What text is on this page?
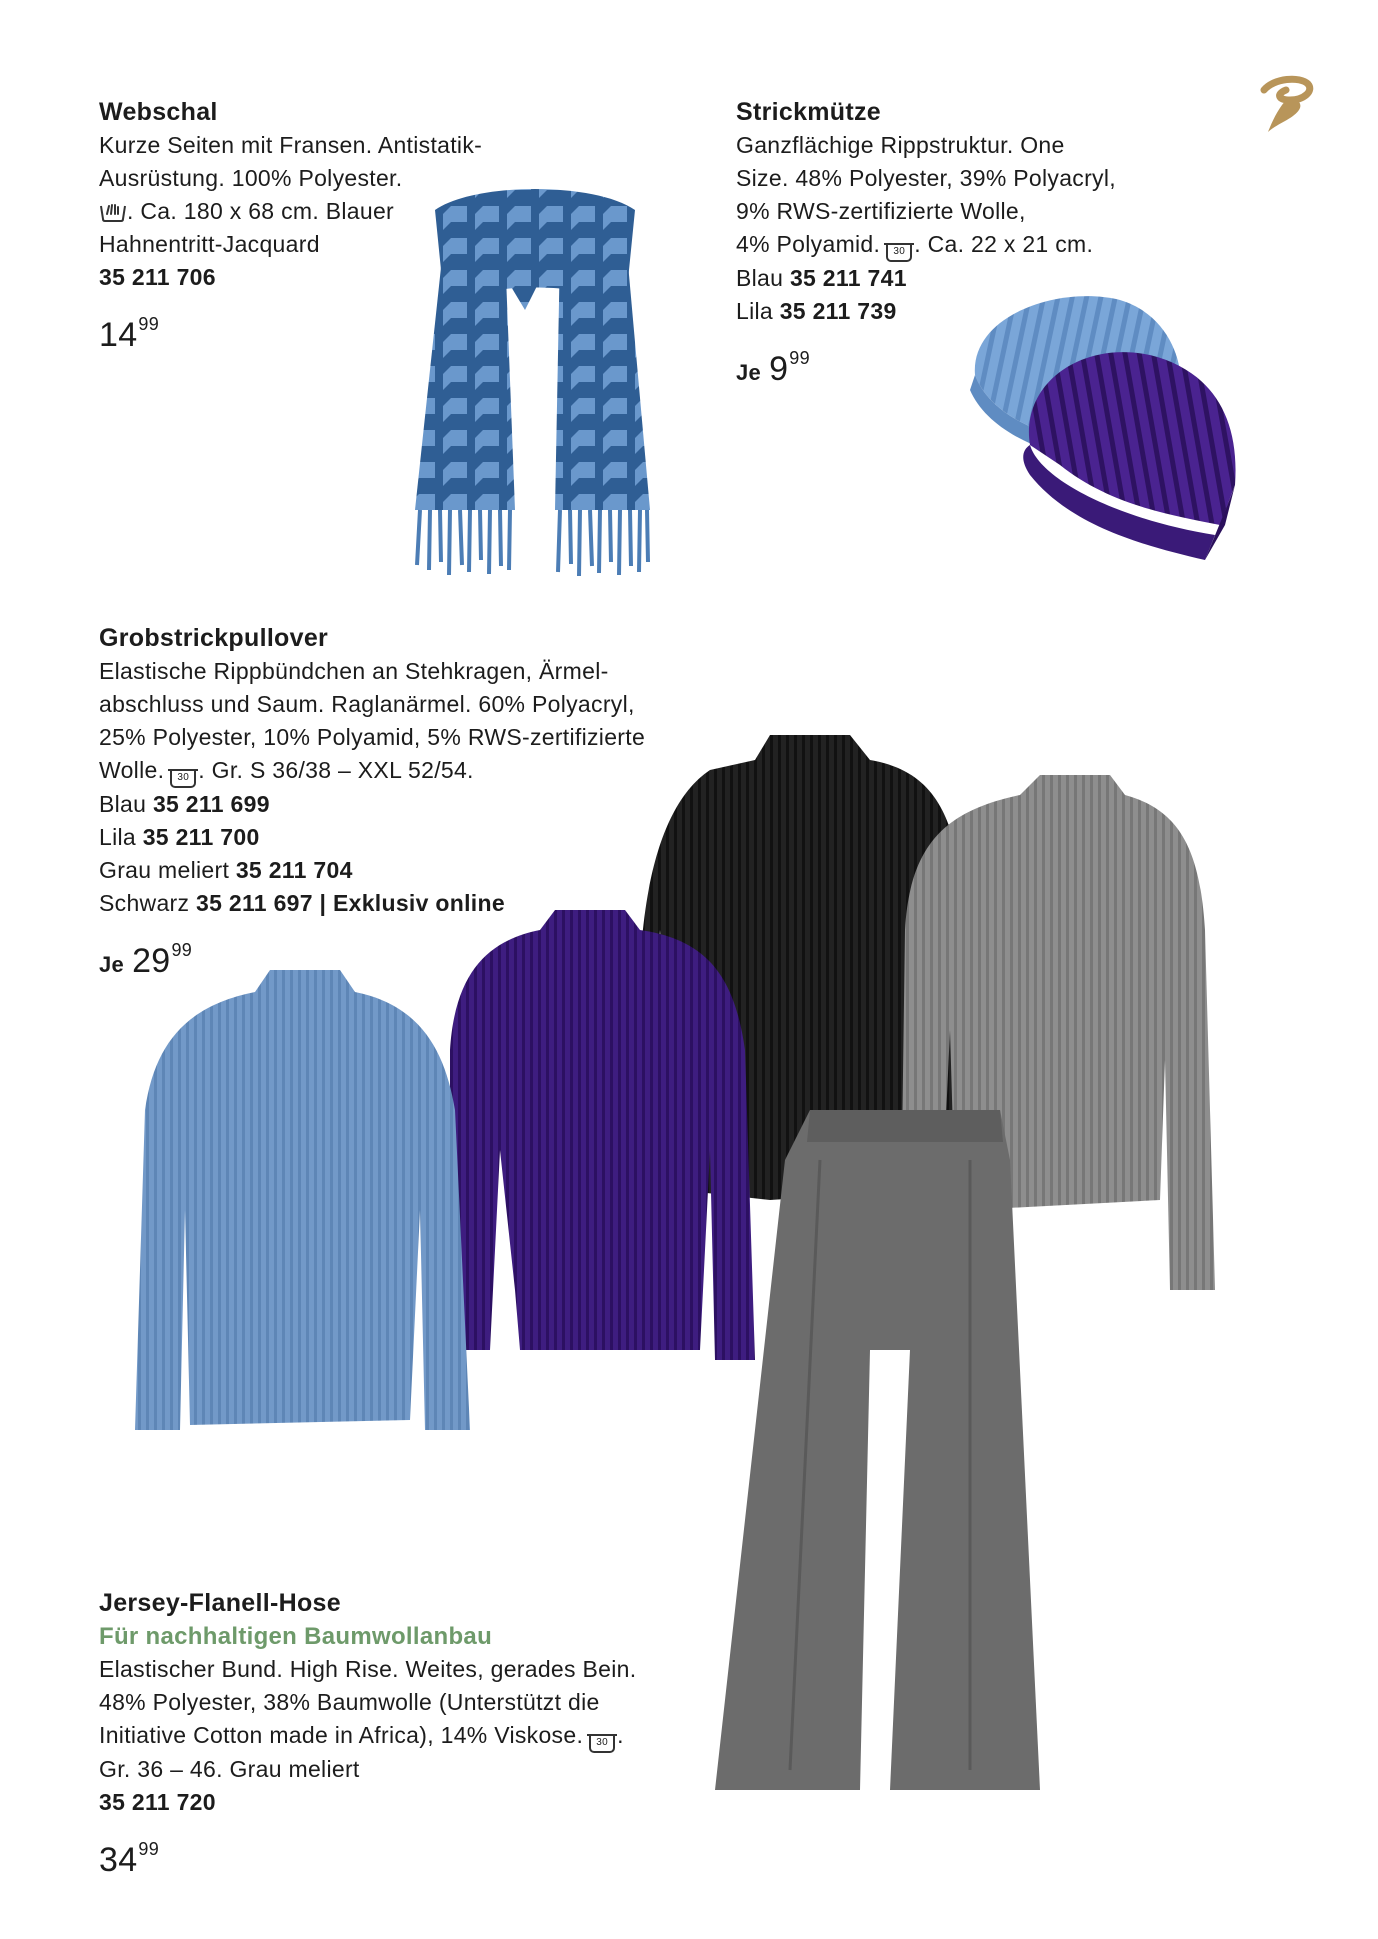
Webschal
Kurze Seiten mit Fransen. Antistatik-
Ausrüstung. 100% Polyester.
. Ca. 180 x 68 cm. Blauer
Hahnentritt-Jacquard
35 211 706
$14^{99}$
Strickmütze
Ganzflächige Rippstruktur. One
Size. 48% Polyester, 39% Polyacryl,
9% RWS-zertifizierte Wolle,
4% Polyamid. 30 . Ca. 22 x 21 cm.
Blau 35 211 741
Lila 35 211 739
Je $9^{99}$
Grobstrickpullover
Elastische Rippbündchen an Stehkragen, Ärmel-
abschluss und Saum. Raglanärmel. 60% Polyacryl,
25% Polyester, 10% Polyamid, 5% RWS-zertifizierte
Wolle. 30 . Gr. S 36/38 – XXL 52/54.
Blau 35 211 699
Lila 35 211 700
Grau meliert 35 211 704
Schwarz 35 211 697 | Exklusiv online
Je $29^{99}$
Jersey-Flanell-Hose
Für nachhaltigen Baumwollanbau
Elastischer Bund. High Rise. Weites, gerades Bein.
48% Polyester, 38% Baumwolle (Unterstützt die
Initiative Cotton made in Africa), 14% Viskose. 30 .
Gr. 36 – 46. Grau meliert
35 211 720
$34^{99}$
